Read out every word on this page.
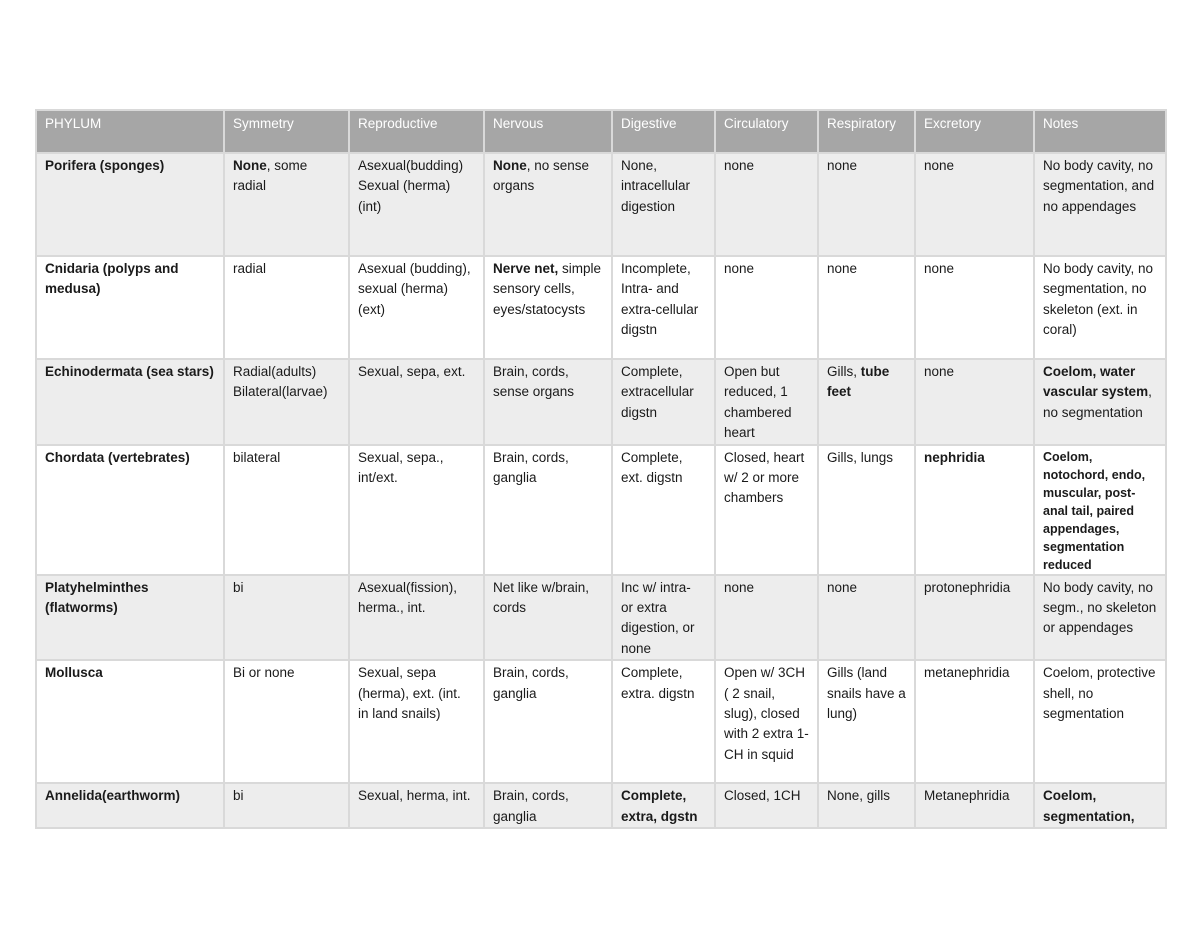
PHYLUM	Symmetry	Reproductive	Nervous	Digestive	Circulatory	Respiratory	Excretory	Notes
Porifera (sponges)	None, some radial	Asexual(budding) Sexual (herma) (int)	None, no sense organs	None, intracellular digestion	none	none	none	No body cavity, no segmentation, and no appendages
Cnidaria (polyps and medusa)	radial	Asexual (budding), sexual (herma)(ext)	Nerve net, simple sensory cells, eyes/statocysts	Incomplete, Intra- and extra-cellular digstn	none	none	none	No body cavity, no segmentation, no skeleton (ext. in coral)
Echinodermata (sea stars)	Radial(adults) Bilateral(larvae)	Sexual, sepa, ext.	Brain, cords, sense organs	Complete, extracellular digstn	Open but reduced, 1 chambered heart	Gills, tube feet	none	Coelom, water vascular system, no segmentation
Chordata (vertebrates)	bilateral	Sexual, sepa., int/ext.	Brain, cords, ganglia	Complete, ext. digstn	Closed, heart w/ 2 or more chambers	Gills, lungs	nephridia	Coelom, notochord, endo, muscular, post-anal tail, paired appendages, segmentation reduced
Platyhelminthes (flatworms)	bi	Asexual(fission), herma., int.	Net like w/brain, cords	Inc w/ intra- or extra digestion, or none	none	none	protonephridia	No body cavity, no segm., no skeleton or appendages
Mollusca	Bi or none	Sexual, sepa (herma), ext. (int. in land snails)	Brain, cords, ganglia	Complete, extra. digstn	Open w/ 3CH ( 2 snail, slug), closed with 2 extra 1-CH in squid	Gills (land snails have a lung)	metanephridia	Coelom, protective shell, no segmentation
Annelida(earthworm)	bi	Sexual, herma, int.	Brain, cords, ganglia	Complete, extra, dgstn	Closed, 1CH	None, gills	Metanephridia	Coelom, segmentation,
